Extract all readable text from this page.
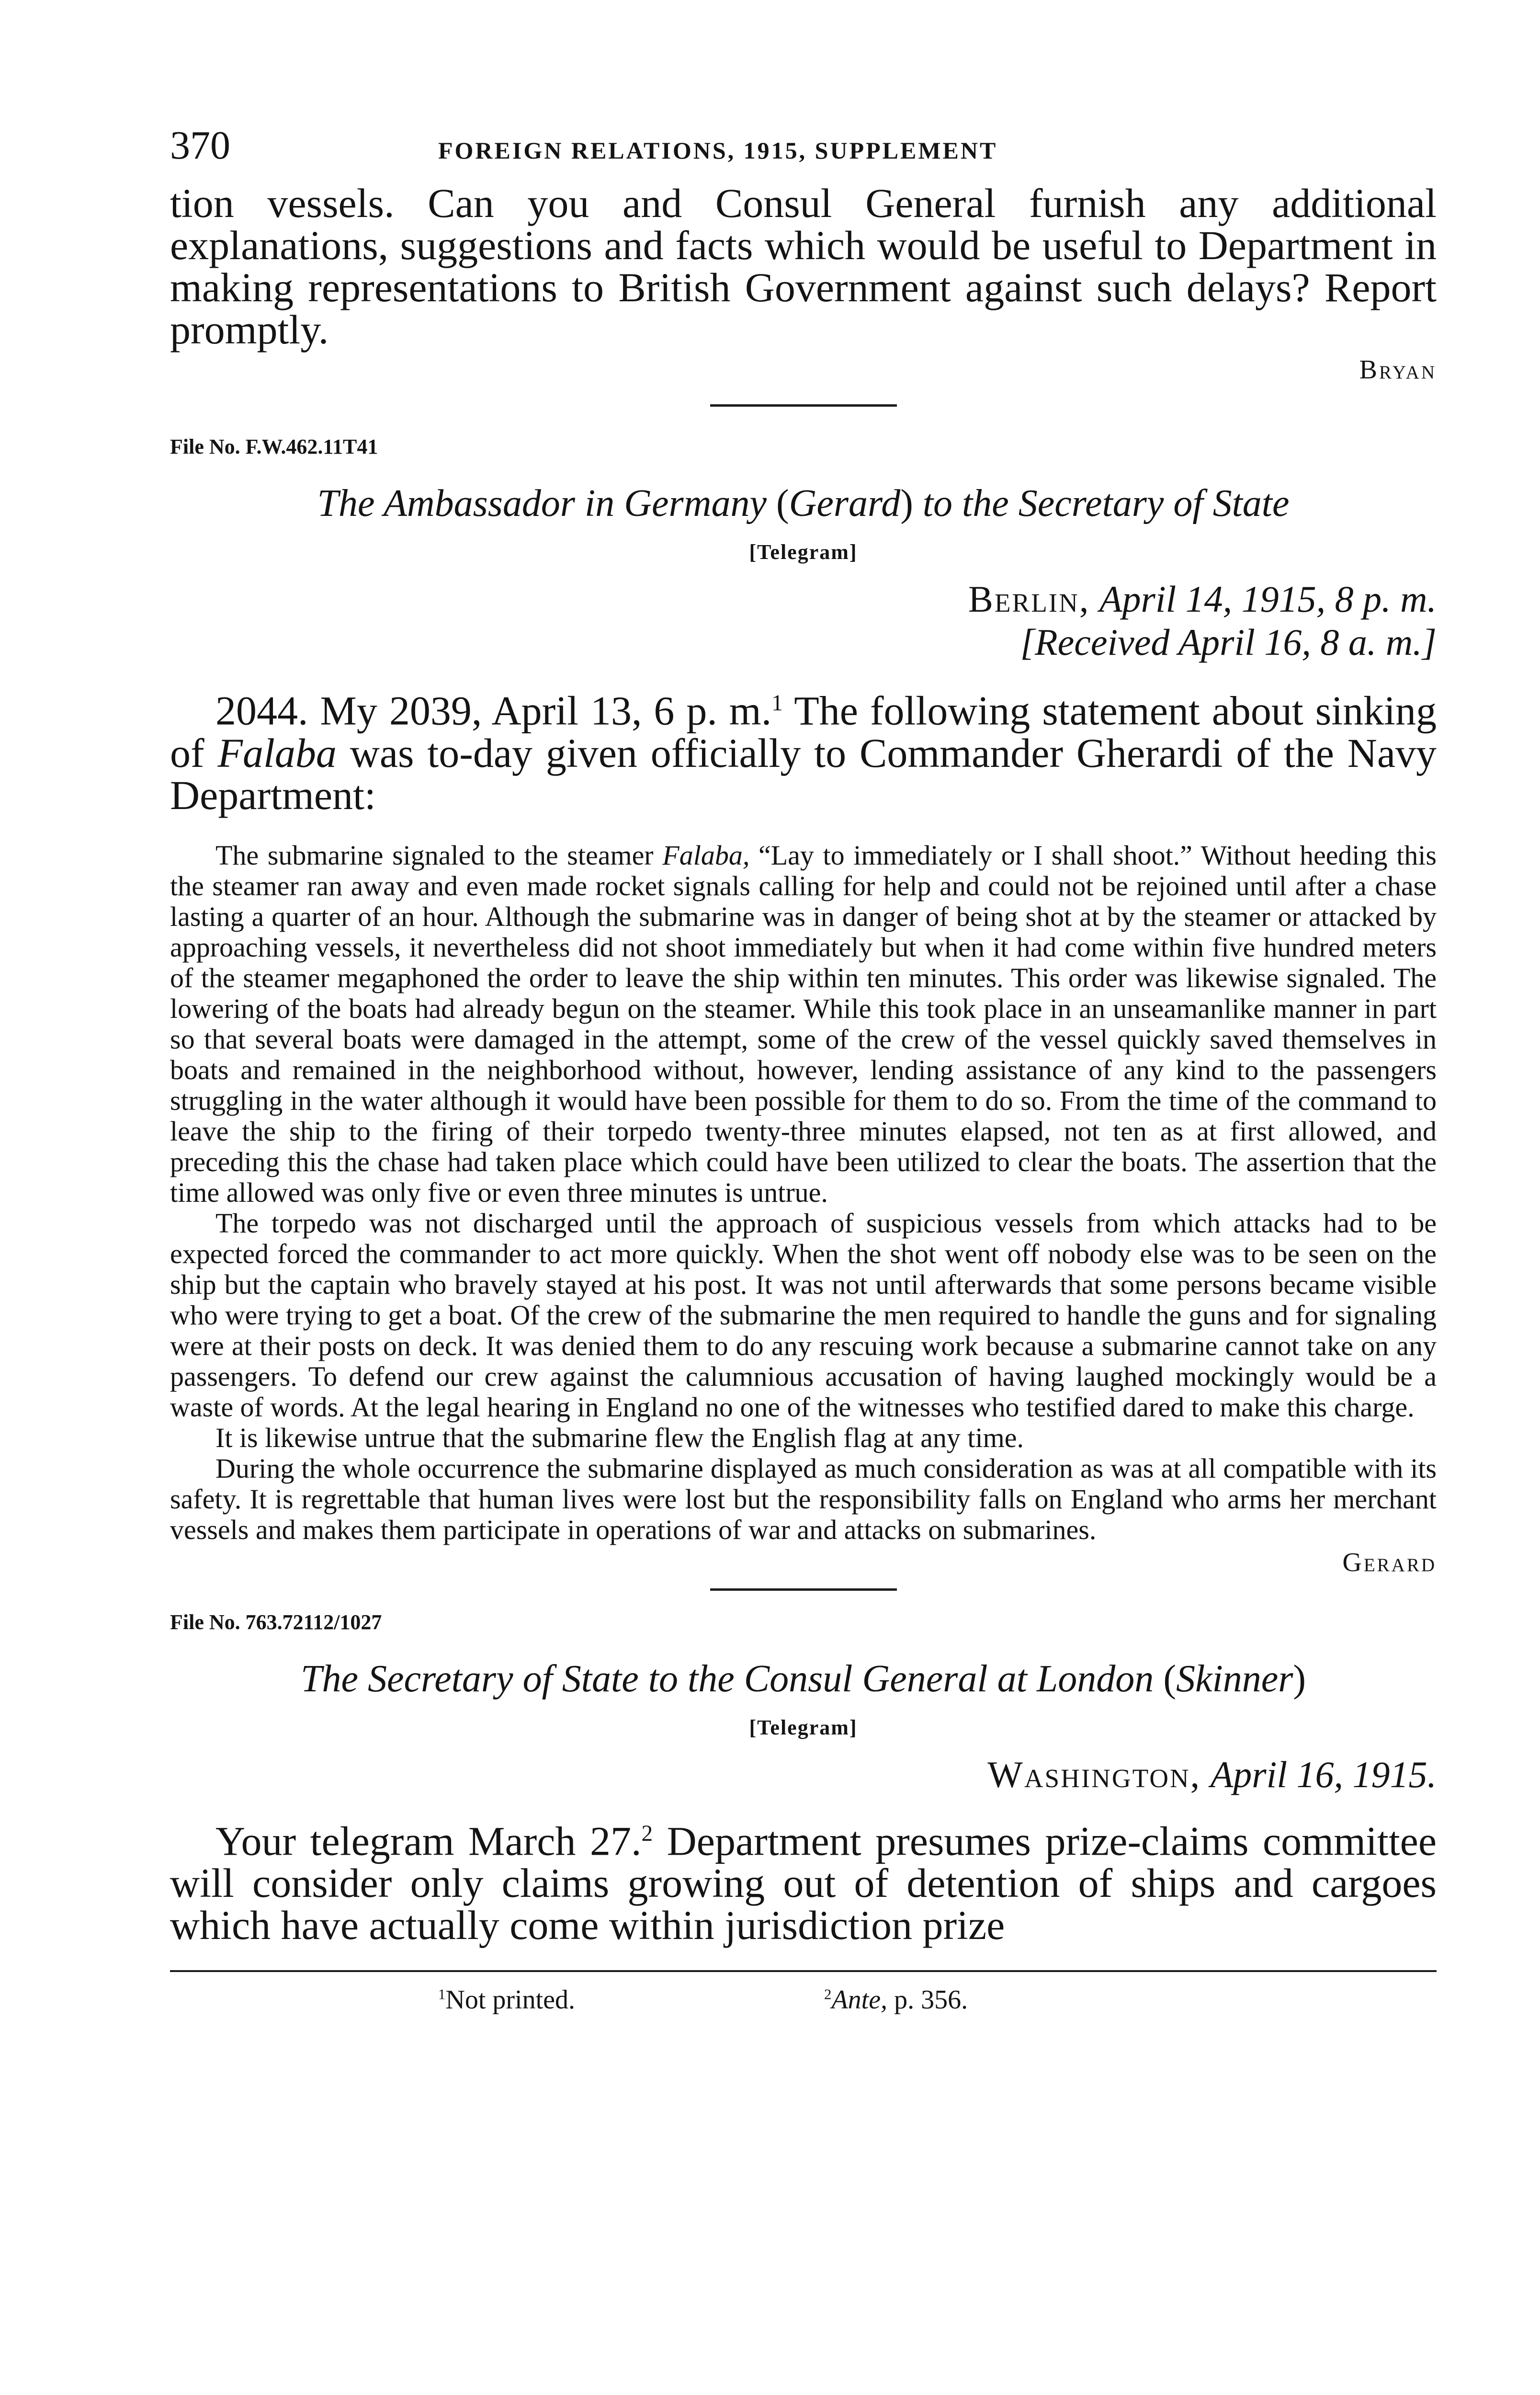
370	FOREIGN RELATIONS, 1915, SUPPLEMENT

tion vessels. Can you and Consul General furnish any additional explanations, suggestions and facts which would be useful to Department in making representations to British Government against such delays? Report promptly.

Bryan

File No. F.W.462.11T41

The Ambassador in Germany (Gerard) to the Secretary of State

[Telegram]

Berlin, April 14, 1915, 8 p. m.

[Received April 16, 8 a. m.]

2044. My 2039, April 13, 6 p. m.$^1$ The following statement about sinking of Falaba was to-day given officially to Commander Gherardi of the Navy Department:

The submarine signaled to the steamer Falaba, “Lay to immediately or I shall shoot.” Without heeding this the steamer ran away and even made rocket signals calling for help and could not be rejoined until after a chase lasting a quarter of an hour. Although the submarine was in danger of being shot at by the steamer or attacked by approaching vessels, it nevertheless did not shoot immediately but when it had come within five hundred meters of the steamer megaphoned the order to leave the ship within ten minutes. This order was likewise signaled. The lowering of the boats had already begun on the steamer. While this took place in an unseamanlike manner in part so that several boats were damaged in the attempt, some of the crew of the vessel quickly saved themselves in boats and remained in the neighborhood without, however, lending assistance of any kind to the passengers struggling in the water although it would have been possible for them to do so. From the time of the command to leave the ship to the firing of their torpedo twenty-three minutes elapsed, not ten as at first allowed, and preceding this the chase had taken place which could have been utilized to clear the boats. The assertion that the time allowed was only five or even three minutes is untrue.

The torpedo was not discharged until the approach of suspicious vessels from which attacks had to be expected forced the commander to act more quickly. When the shot went off nobody else was to be seen on the ship but the captain who bravely stayed at his post. It was not until afterwards that some persons became visible who were trying to get a boat. Of the crew of the submarine the men required to handle the guns and for signaling were at their posts on deck. It was denied them to do any rescuing work because a submarine cannot take on any passengers. To defend our crew against the calumnious accusation of having laughed mockingly would be a waste of words. At the legal hearing in England no one of the witnesses who testified dared to make this charge.

It is likewise untrue that the submarine flew the English flag at any time.

During the whole occurrence the submarine displayed as much consideration as was at all compatible with its safety. It is regrettable that human lives were lost but the responsibility falls on England who arms her merchant vessels and makes them participate in operations of war and attacks on submarines.

Gerard

File No. 763.72112/1027

The Secretary of State to the Consul General at London (Skinner)

[Telegram]

Washington, April 16, 1915.

Your telegram March 27.$^2$ Department presumes prize-claims committee will consider only claims growing out of detention of ships and cargoes which have actually come within jurisdiction prize

$^1$Not printed.	$^2$Ante, p. 356.
